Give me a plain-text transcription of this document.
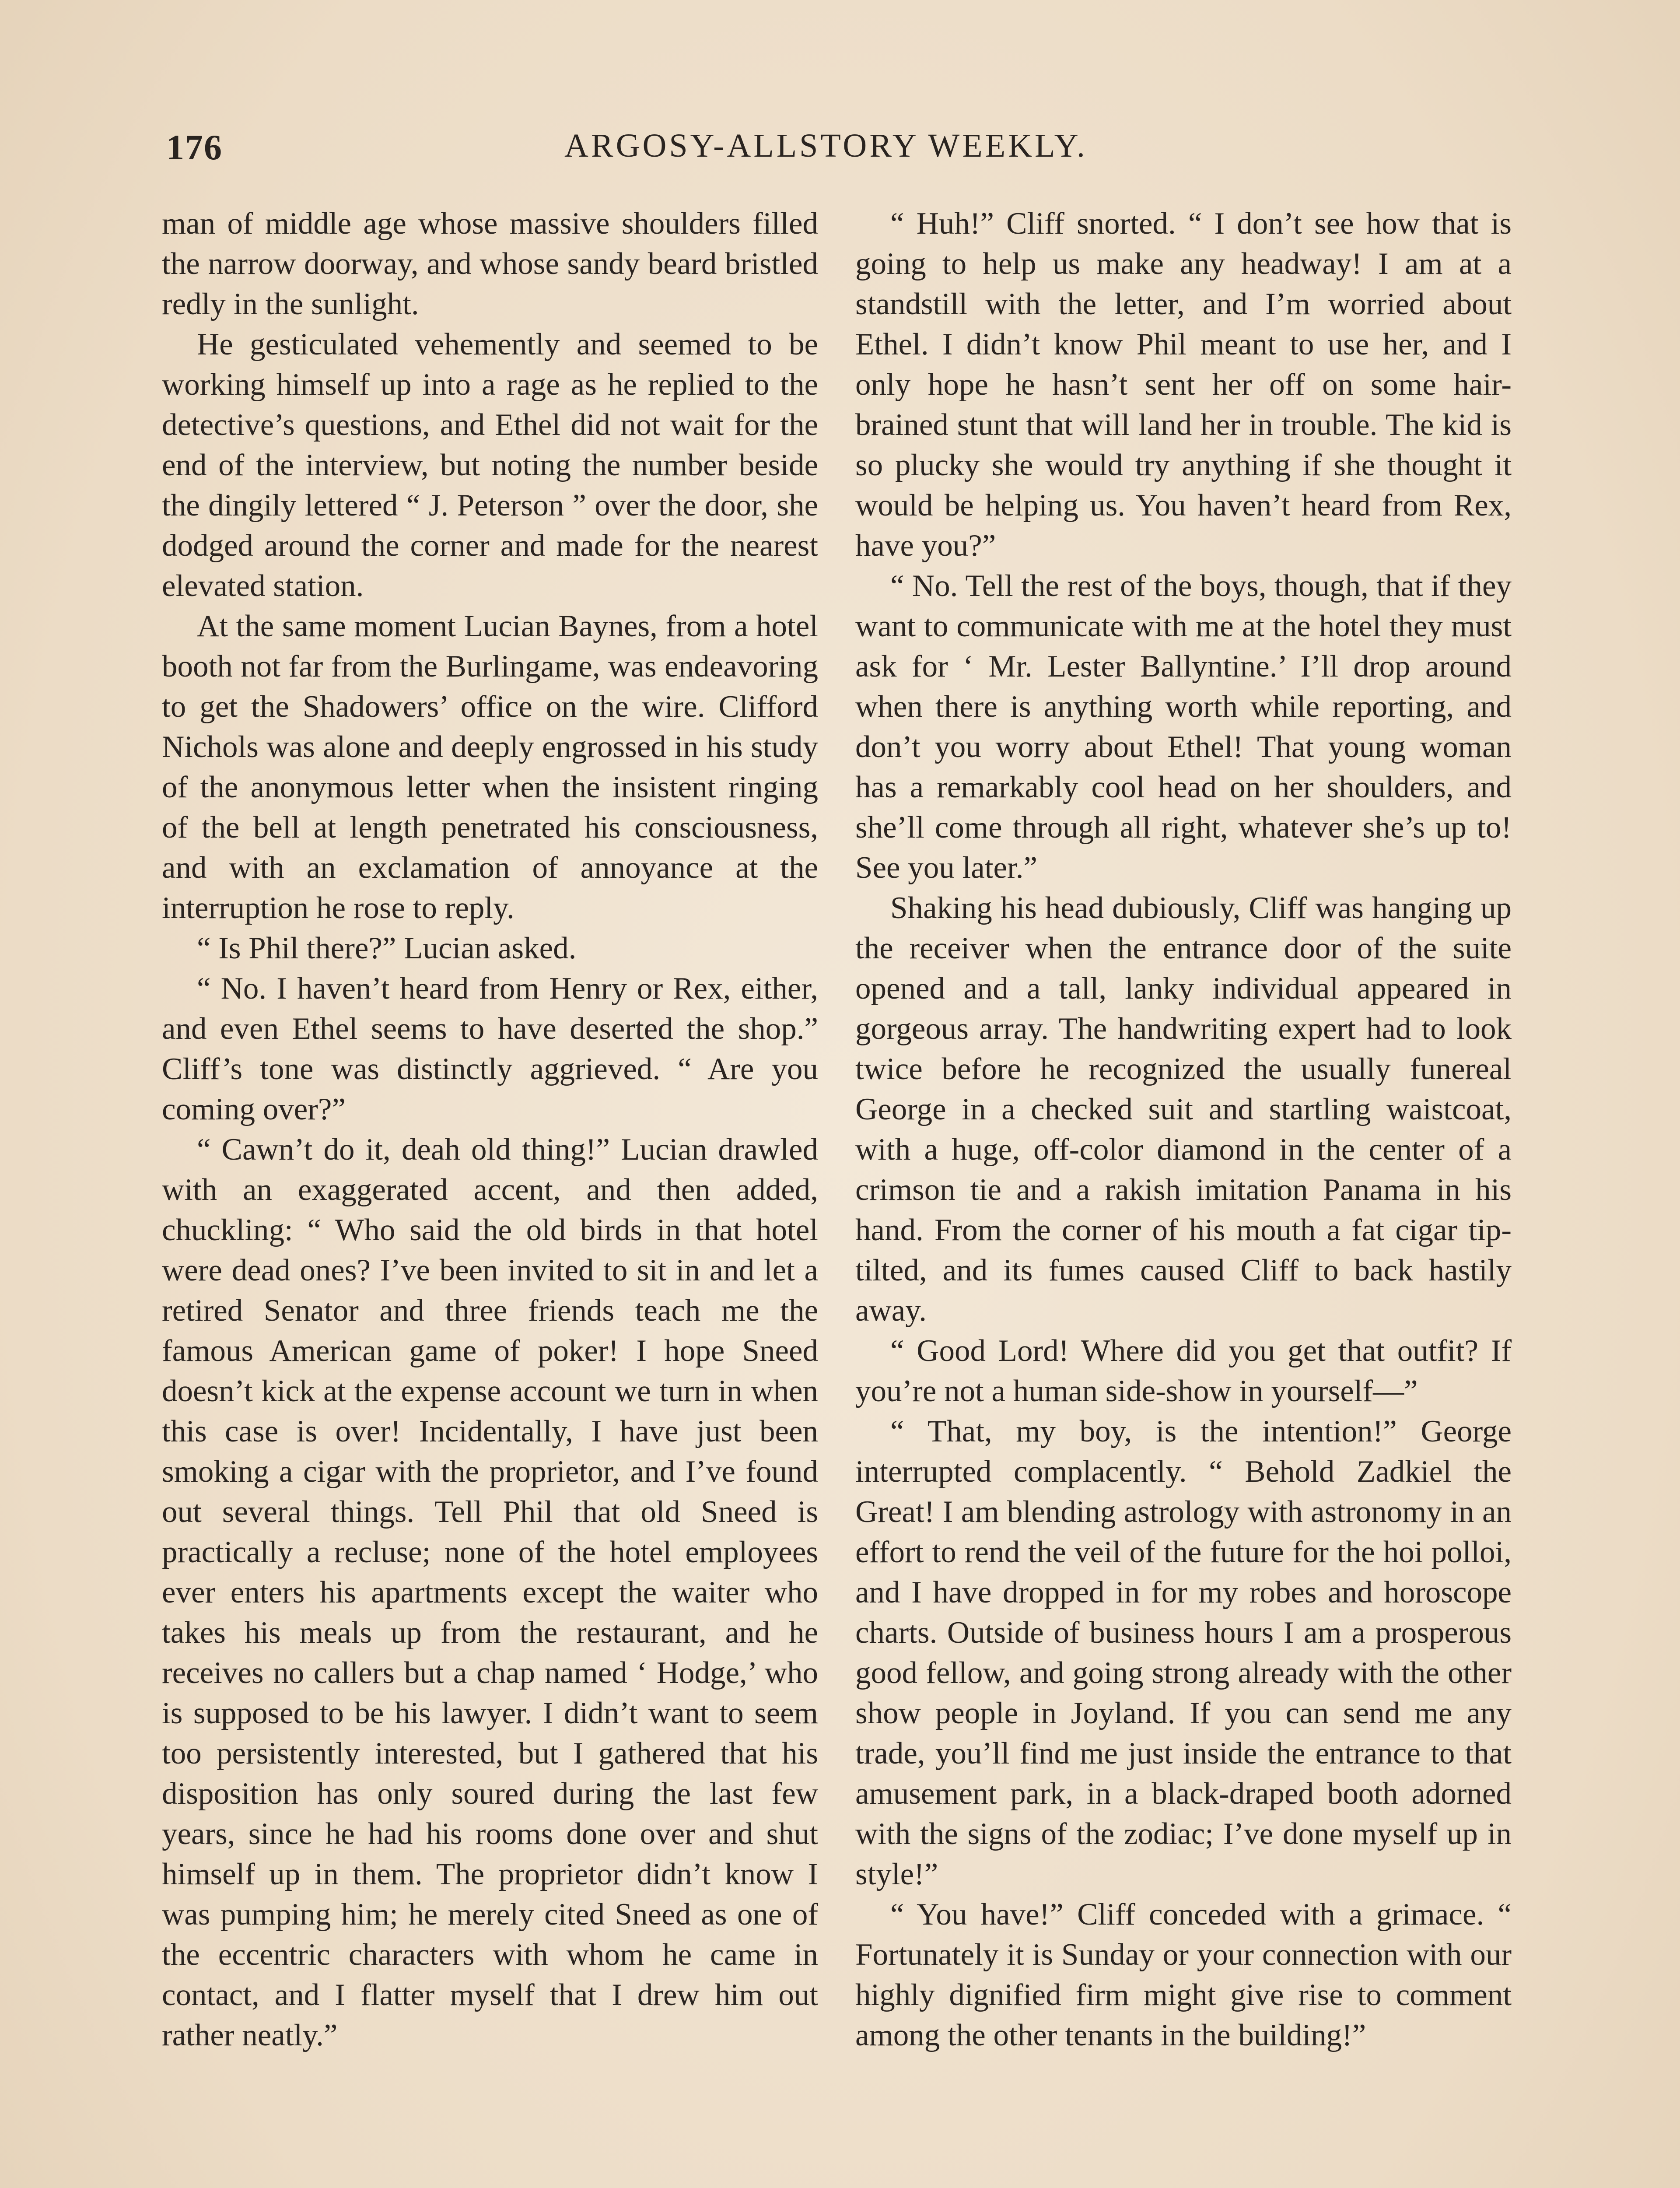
176	ARGOSY-ALLSTORY WEEKLY.

man of middle age whose massive shoulders filled the narrow doorway, and whose sandy beard bristled redly in the sunlight.

He gesticulated vehemently and seemed to be working himself up into a rage as he replied to the detective’s questions, and Ethel did not wait for the end of the interview, but noting the number beside the dingily lettered “ J. Peterson ” over the door, she dodged around the corner and made for the nearest elevated station.

At the same moment Lucian Baynes, from a hotel booth not far from the Burlingame, was endeavoring to get the Shadowers’ office on the wire. Clifford Nichols was alone and deeply engrossed in his study of the anonymous letter when the insistent ringing of the bell at length penetrated his consciousness, and with an exclamation of annoyance at the interruption he rose to reply.

“ Is Phil there?” Lucian asked.

“ No. I haven’t heard from Henry or Rex, either, and even Ethel seems to have deserted the shop.” Cliff’s tone was distinctly aggrieved. “ Are you coming over?”

“ Cawn’t do it, deah old thing!” Lucian drawled with an exaggerated accent, and then added, chuckling: “ Who said the old birds in that hotel were dead ones? I’ve been invited to sit in and let a retired Senator and three friends teach me the famous American game of poker! I hope Sneed doesn’t kick at the expense account we turn in when this case is over! Incidentally, I have just been smoking a cigar with the proprietor, and I’ve found out several things. Tell Phil that old Sneed is practically a recluse; none of the hotel employees ever enters his apartments except the waiter who takes his meals up from the restaurant, and he receives no callers but a chap named ‘ Hodge,’ who is supposed to be his lawyer. I didn’t want to seem too persistently interested, but I gathered that his disposition has only soured during the last few years, since he had his rooms done over and shut himself up in them. The proprietor didn’t know I was pumping him; he merely cited Sneed as one of the eccentric characters with whom he came in contact, and I flatter myself that I drew him out rather neatly.”

“ Huh!” Cliff snorted. “ I don’t see how that is going to help us make any headway! I am at a standstill with the letter, and I’m worried about Ethel. I didn’t know Phil meant to use her, and I only hope he hasn’t sent her off on some hair-brained stunt that will land her in trouble. The kid is so plucky she would try anything if she thought it would be helping us. You haven’t heard from Rex, have you?”

“ No. Tell the rest of the boys, though, that if they want to communicate with me at the hotel they must ask for ‘ Mr. Lester Ballyntine.’ I’ll drop around when there is anything worth while reporting, and don’t you worry about Ethel! That young woman has a remarkably cool head on her shoulders, and she’ll come through all right, whatever she’s up to! See you later.”

Shaking his head dubiously, Cliff was hanging up the receiver when the entrance door of the suite opened and a tall, lanky individual appeared in gorgeous array. The handwriting expert had to look twice before he recognized the usually funereal George in a checked suit and startling waistcoat, with a huge, off-color diamond in the center of a crimson tie and a rakish imitation Panama in his hand. From the corner of his mouth a fat cigar tip-tilted, and its fumes caused Cliff to back hastily away.

“ Good Lord! Where did you get that outfit? If you’re not a human side-show in yourself—”

“ That, my boy, is the intention!” George interrupted complacently. “ Behold Zadkiel the Great! I am blending astrology with astronomy in an effort to rend the veil of the future for the hoi polloi, and I have dropped in for my robes and horoscope charts. Outside of business hours I am a prosperous good fellow, and going strong already with the other show people in Joyland. If you can send me any trade, you’ll find me just inside the entrance to that amusement park, in a black-draped booth adorned with the signs of the zodiac; I’ve done myself up in style!”

“ You have!” Cliff conceded with a grimace. “ Fortunately it is Sunday or your connection with our highly dignified firm might give rise to comment among the other tenants in the building!”
